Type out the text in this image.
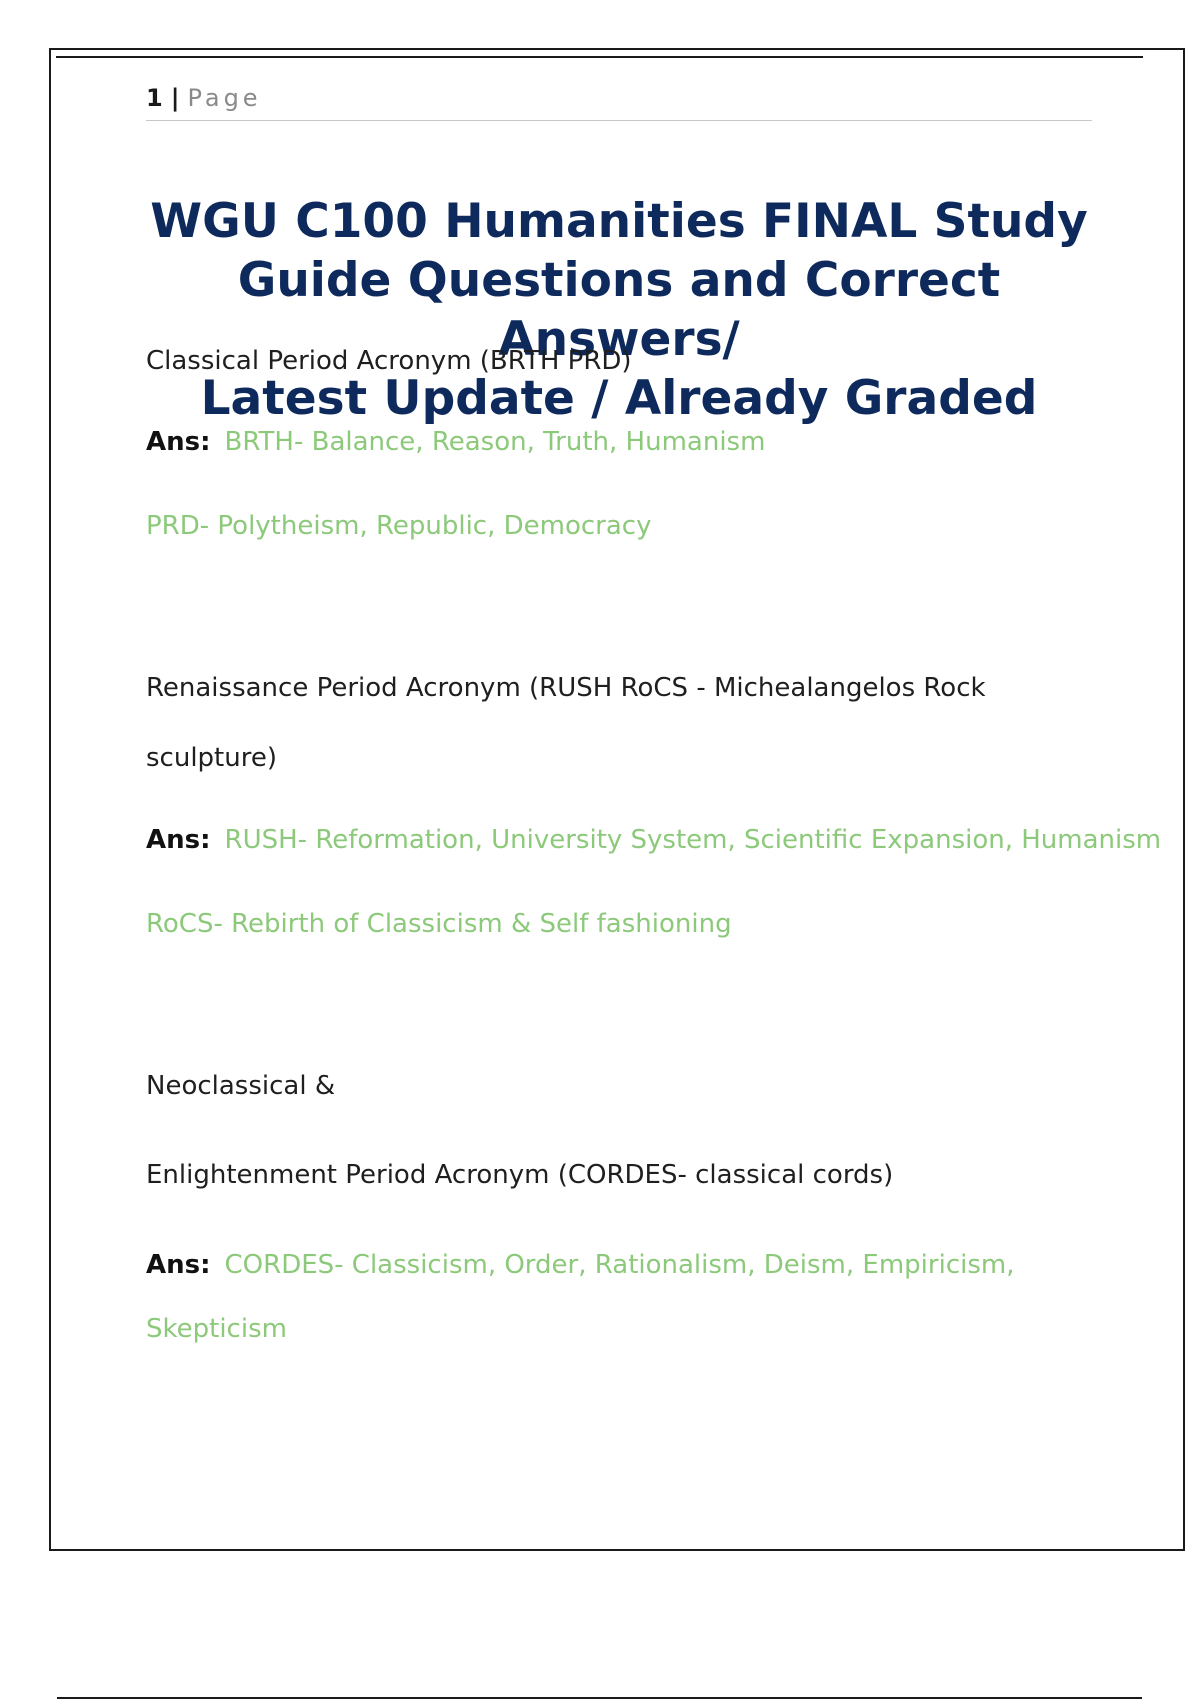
1 | Page
WGU C100 Humanities FINAL Study
Guide Questions and Correct Answers/
Latest Update / Already Graded

Classical Period Acronym (BRTH PRD)

Ans: BRTH- Balance, Reason, Truth, Humanism

PRD- Polytheism, Republic, Democracy

Renaissance Period Acronym (RUSH RoCS - Michealangelos Rock

sculpture)

Ans: RUSH- Reformation, University System, Scientific Expansion, Humanism

RoCS- Rebirth of Classicism & Self fashioning

Neoclassical &

Enlightenment Period Acronym (CORDES- classical cords)

Ans: CORDES- Classicism, Order, Rationalism, Deism, Empiricism,

Skepticism
